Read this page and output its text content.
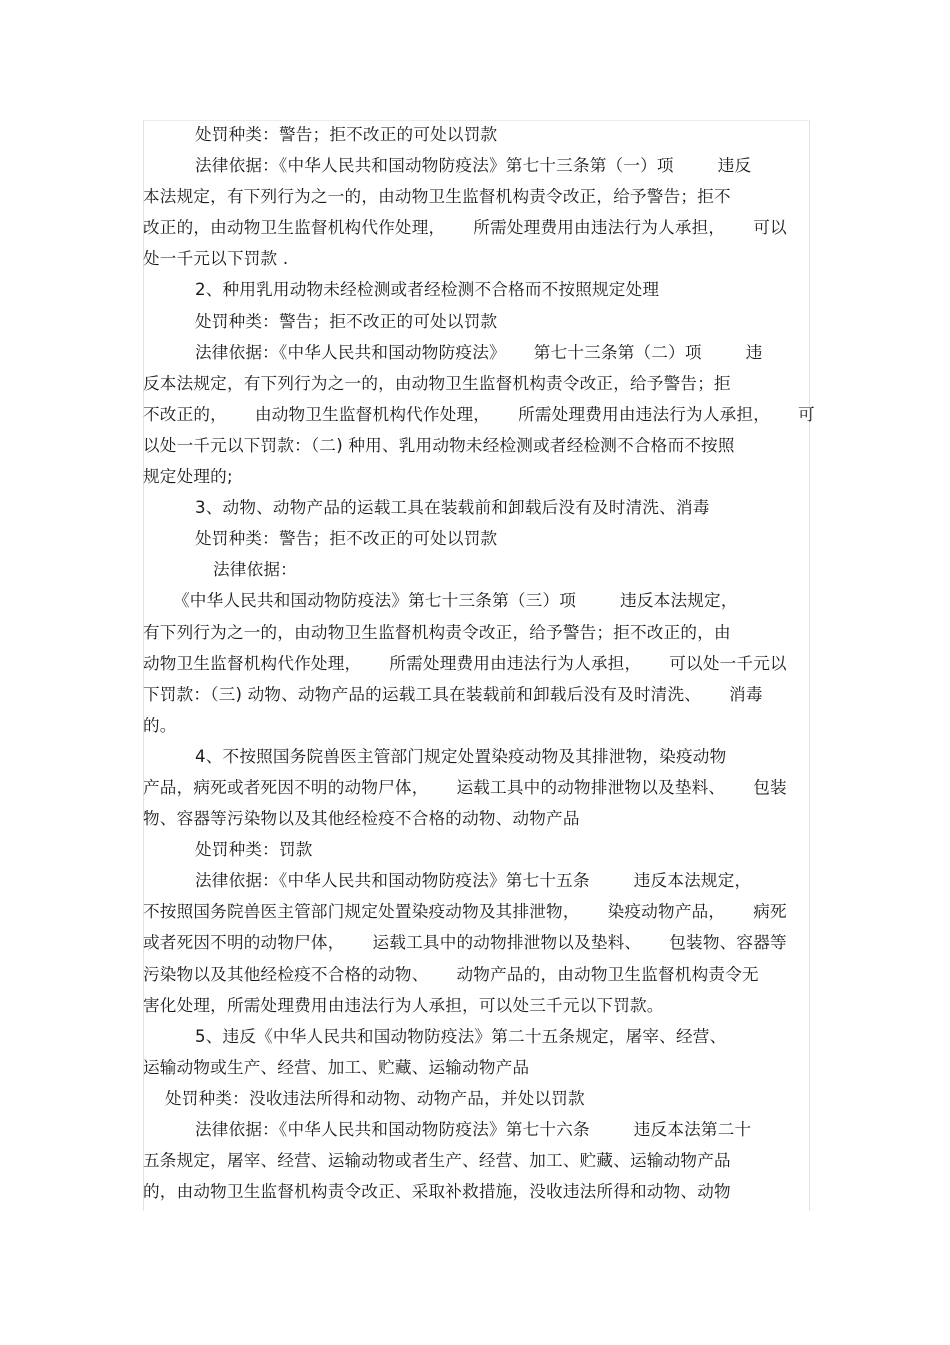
处罚种类：警告；拒不改正的可处以罚款
法律依据：《中华人民共和国动物防疫法》第七十三条第（一）项	违反
本法规定，有下列行为之一的，由动物卫生监督机构责令改正，给予警告；拒不
改正的，由动物卫生监督机构代作处理， 所需处理费用由违法行为人承担， 可以
处一千元以下罚款 .
2、种用乳用动物未经检测或者经检测不合格而不按照规定处理
处罚种类：警告；拒不改正的可处以罚款
法律依据：《中华人民共和国动物防疫法》 第七十三条第（二）项	违
反本法规定，有下列行为之一的，由动物卫生监督机构责令改正，给予警告；拒
不改正的， 由动物卫生监督机构代作处理， 所需处理费用由违法行为人承担， 可
以处一千元以下罚款：（二) 种用、乳用动物未经检测或者经检测不合格而不按照
规定处理的;
3、动物、动物产品的运载工具在装载前和卸载后没有及时清洗、消毒
处罚种类：警告；拒不改正的可处以罚款
法律依据：
《中华人民共和国动物防疫法》第七十三条第（三）项	违反本法规定，
有下列行为之一的，由动物卫生监督机构责令改正，给予警告；拒不改正的，由
动物卫生监督机构代作处理， 所需处理费用由违法行为人承担， 可以处一千元以
下罚款：（三) 动物、动物产品的运载工具在装载前和卸载后没有及时清洗、 消毒
的。
4、不按照国务院兽医主管部门规定处置染疫动物及其排泄物，染疫动物
产品，病死或者死因不明的动物尸体， 运载工具中的动物排泄物以及垫料、 包装
物、容器等污染物以及其他经检疫不合格的动物、动物产品
处罚种类：罚款
法律依据：《中华人民共和国动物防疫法》第七十五条	违反本法规定，
不按照国务院兽医主管部门规定处置染疫动物及其排泄物， 染疫动物产品， 病死
或者死因不明的动物尸体， 运载工具中的动物排泄物以及垫料、 包装物、容器等
污染物以及其他经检疫不合格的动物、 动物产品的，由动物卫生监督机构责令无
害化处理，所需处理费用由违法行为人承担，可以处三千元以下罚款。
5、违反《中华人民共和国动物防疫法》第二十五条规定，屠宰、经营、
运输动物或生产、经营、加工、贮藏、运输动物产品
处罚种类：没收违法所得和动物、动物产品，并处以罚款
法律依据：《中华人民共和国动物防疫法》第七十六条	违反本法第二十
五条规定，屠宰、经营、运输动物或者生产、经营、加工、贮藏、运输动物产品
的，由动物卫生监督机构责令改正、采取补救措施，没收违法所得和动物、动物
